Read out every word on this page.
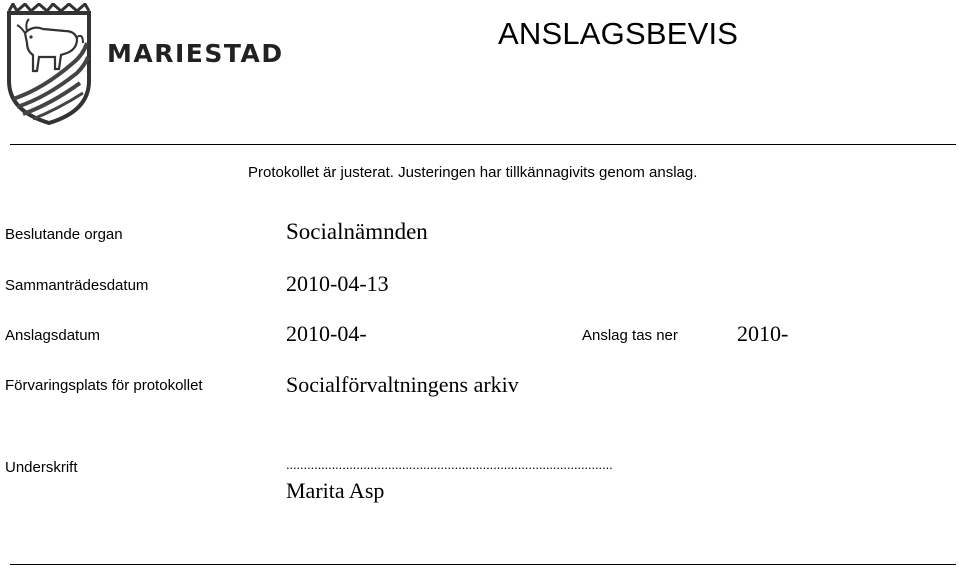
MARIESTAD
ANSLAGSBEVIS
Protokollet är justerat. Justeringen har tillkännagivits genom anslag.
Beslutande organ	Socialnämnden
Sammanträdesdatum	2010-04-13
Anslagsdatum	2010-04-	Anslag tas ner	2010-
Förvaringsplats för protokollet	Socialförvaltningens arkiv
Underskrift	.............................................................................................
Marita Asp
